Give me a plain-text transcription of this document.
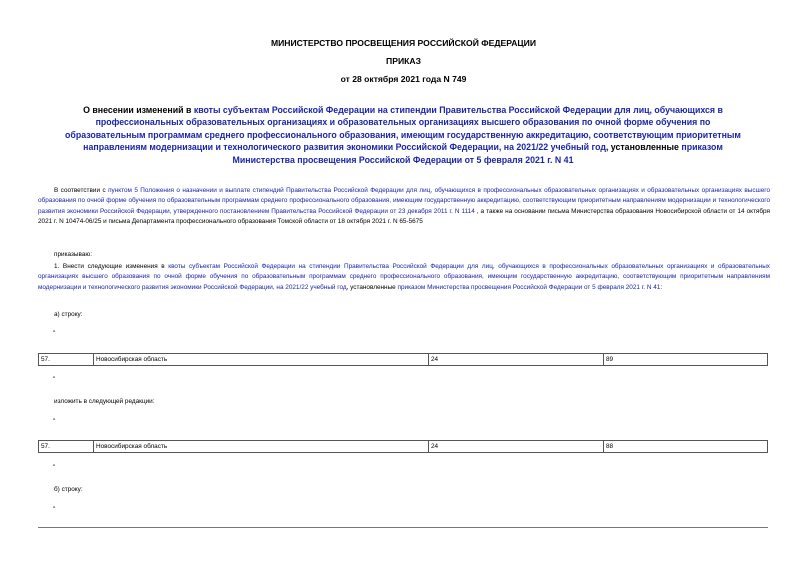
МИНИСТЕРСТВО ПРОСВЕЩЕНИЯ РОССИЙСКОЙ ФЕДЕРАЦИИ
ПРИКАЗ
от 28 октября 2021 года N 749
О внесении изменений в квоты субъектам Российской Федерации на стипендии Правительства Российской Федерации для лиц, обучающихся в профессиональных образовательных организациях и образовательных организациях высшего образования по очной форме обучения по образовательным программам среднего профессионального образования, имеющим государственную аккредитацию, соответствующим приоритетным направлениям модернизации и технологического развития экономики Российской Федерации, на 2021/22 учебный год, установленные приказом Министерства просвещения Российской Федерации от 5 февраля 2021 г. N 41

В соответствии с пунктом 5 Положения о назначении и выплате стипендий Правительства Российской Федерации для лиц, обучающихся в профессиональных образовательных организациях и образовательных организациях высшего образования по очной форме обучения по образовательным программам среднего профессионального образования, имеющим государственную аккредитацию, соответствующим приоритетным направлениям модернизации и технологического развития экономики Российской Федерации, утвержденного постановлением Правительства Российской Федерации от 23 декабря 2011 г. N 1114 , а также на основании письма Министерства образования Новосибирской области от 14 октября 2021 г. N 10474-06/25 и письма Департамента профессионального образования Томской области от 18 октября 2021 г. N 65-5675

приказываю:

1. Внести следующие изменения в квоты субъектам Российской Федерации на стипендии Правительства Российской Федерации для лиц, обучающихся в профессиональных образовательных организациях и образовательных организациях высшего образования по очной форме обучения по образовательным программам среднего профессионального образования, имеющим государственную аккредитацию, соответствующим приоритетным направлениям модернизации и технологического развития экономики Российской Федерации, на 2021/22 учебный год, установленные приказом Министерства просвещения Российской Федерации от 5 февраля 2021 г. N 41:

а) строку:
"
57.	Новосибирская область	24	89
"
изложить в следующей редакции:
"
57.	Новосибирская область	24	88
"
б) строку:
"
